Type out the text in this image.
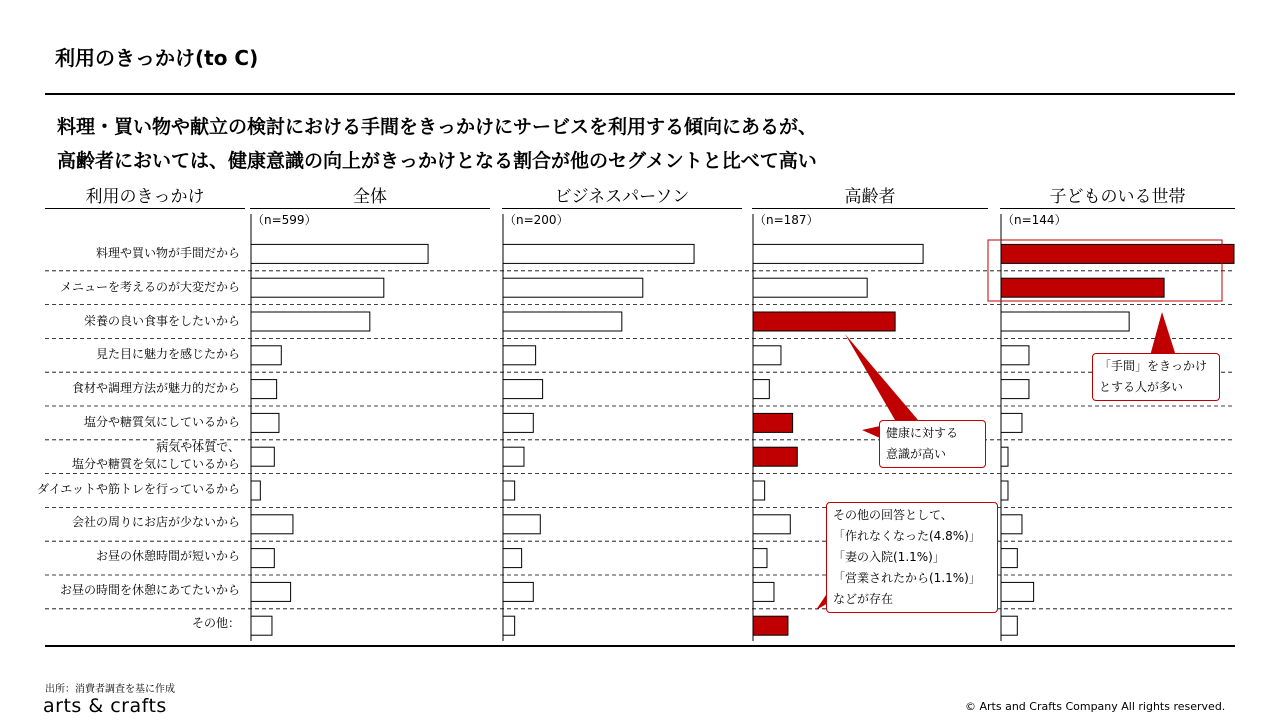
利用のきっかけ(to C)
料理・買い物や献立の検討における手間をきっかけにサービスを利用する傾向にあるが、
高齢者においては、健康意識の向上がきっかけとなる割合が他のセグメントと比べて高い
利用のきっかけ	全体	ビジネスパーソン	高齢者	子どものいる世帯
（n=599）	（n=200）	（n=187）	（n=144）
料理や買い物が手間だから
メニューを考えるのが大変だから
栄養の良い食事をしたいから
見た目に魅力を感じたから
食材や調理方法が魅力的だから
塩分や糖質気にしているから
病気や体質で、
塩分や糖質を気にしているから
ダイエットや筋トレを行っているから
会社の周りにお店が少ないから
お昼の休憩時間が短いから
お昼の時間を休憩にあてたいから
その他：
「手間」をきっかけ
とする人が多い
健康に対する
意識が高い
その他の回答として、
「作れなくなった(4.8%)」
「妻の入院(1.1%)」
「営業されたから(1.1%)」
などが存在
出所：消費者調査を基に作成
arts & crafts	© Arts and Crafts Company All rights reserved.
